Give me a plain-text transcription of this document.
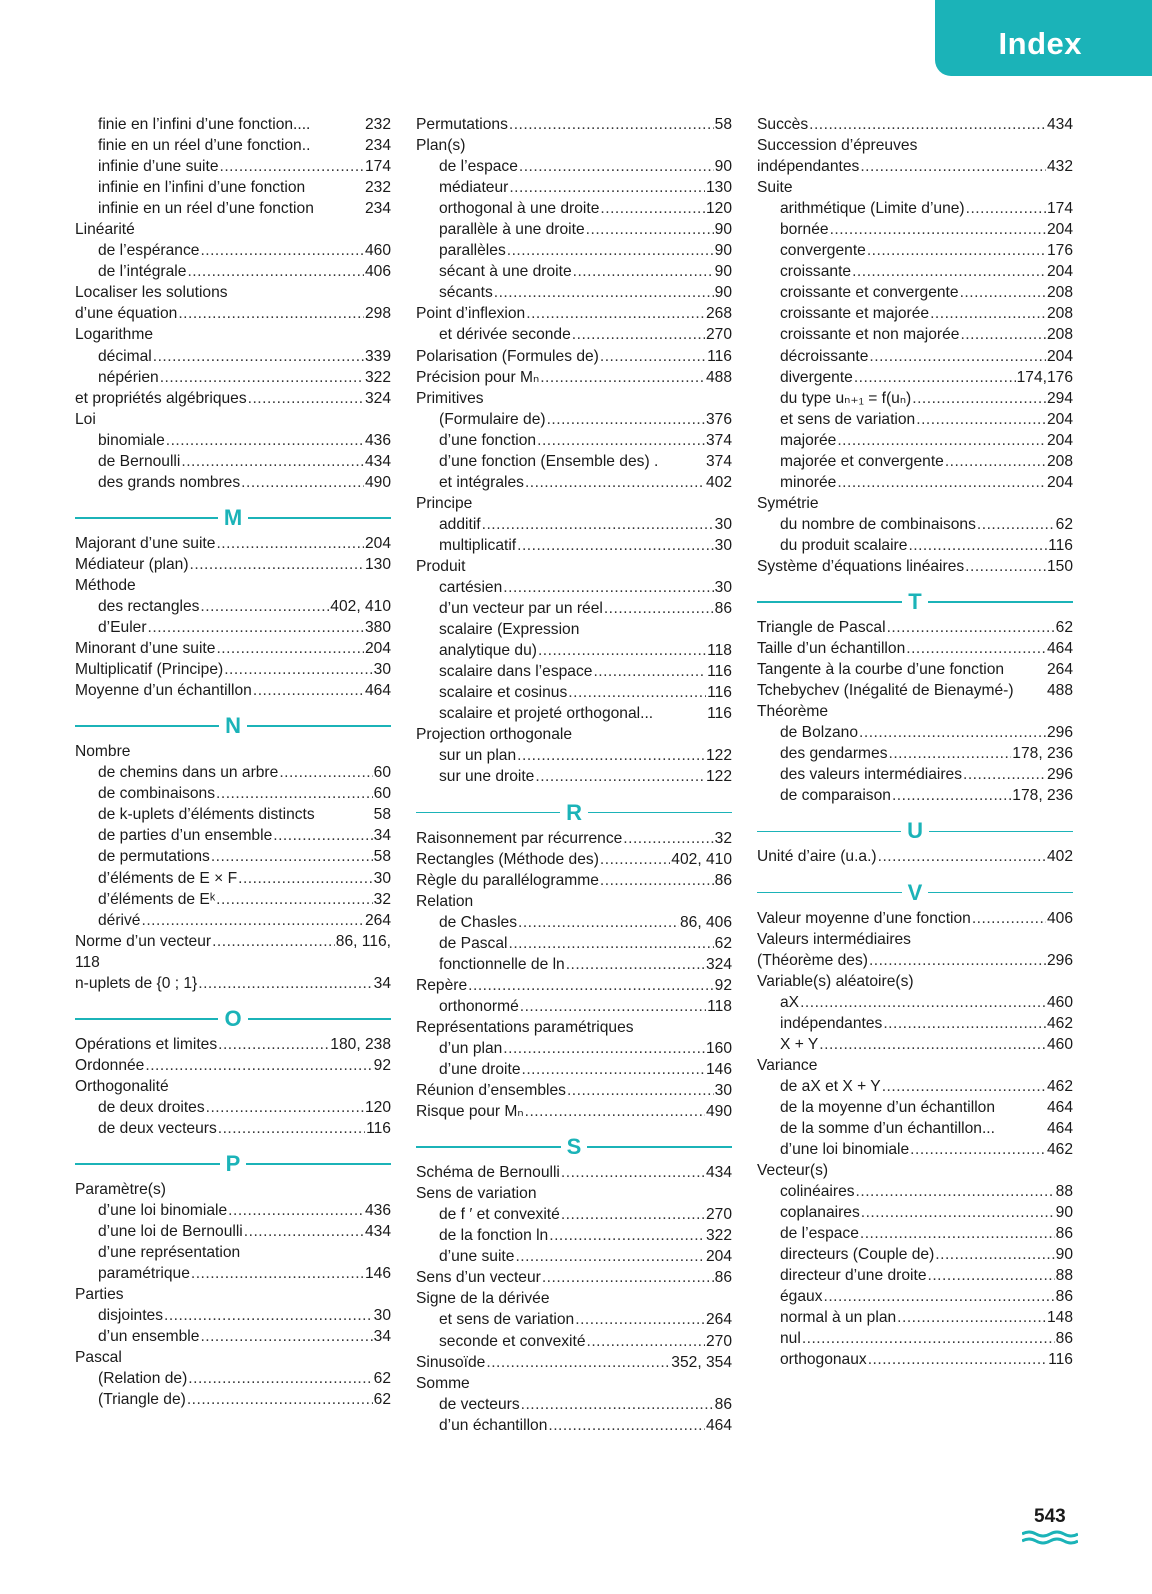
Index
finie en l’infini d’une fonction....	232
finie en un réel d’une fonction..	234
infinie d’une suite .....	174
infinie en l’infini d’une fonction	232
infinie en un réel d’une fonction	234
Linéarité
de l’espérance .....	460
de l’intégrale .....	406
Localiser les solutions
d’une équation .....	298
Logarithme
décimal .....	339
népérien .....	322
et propriétés algébriques .....	324
Loi
binomiale .....	436
de Bernoulli .....	434
des grands nombres .....	490
M
Majorant d’une suite .....	204
Médiateur (plan) .....	130
Méthode
des rectangles .....	402, 410
d’Euler .....	380
Minorant d’une suite .....	204
Multiplicatif (Principe) .....	30
Moyenne d’un échantillon .....	464
N
Nombre
de chemins dans un arbre .....	60
de combinaisons .....	60
de k-uplets d’éléments distincts	58
de parties d’un ensemble .....	34
de permutations .....	58
d’éléments de E × F .....	30
d’éléments de Eᵏ .....	32
dérivé .....	264
Norme d’un vecteur .....	86, 116,
118
n-uplets de {0 ; 1} .....	34
O
Opérations et limites .....	180, 238
Ordonnée .....	92
Orthogonalité
de deux droites .....	120
de deux vecteurs .....	116
P
Paramètre(s)
d’une loi binomiale .....	436
d’une loi de Bernoulli .....	434
d’une représentation
paramétrique .....	146
Parties
disjointes .....	30
d’un ensemble .....	34
Pascal
(Relation de) .....	62
(Triangle de) .....	62
Permutations .....	58
Plan(s)
de l’espace .....	90
médiateur .....	130
orthogonal à une droite .....	120
parallèle à une droite .....	90
parallèles .....	90
sécant à une droite .....	90
sécants .....	90
Point d’inflexion .....	268
et dérivée seconde .....	270
Polarisation (Formules de) .....	116
Précision pour Mₙ .....	488
Primitives
(Formulaire de) .....	376
d’une fonction .....	374
d’une fonction (Ensemble des) .	374
et intégrales .....	402
Principe
additif .....	30
multiplicatif .....	30
Produit
cartésien .....	30
d’un vecteur par un réel .....	86
scalaire (Expression
analytique du) .....	118
scalaire dans l’espace .....	116
scalaire et cosinus .....	116
scalaire et projeté orthogonal...	116
Projection orthogonale
sur un plan .....	122
sur une droite .....	122
R
Raisonnement par récurrence .....	32
Rectangles (Méthode des) .....	402, 410
Règle du parallélogramme .....	86
Relation
de Chasles .....	86, 406
de Pascal .....	62
fonctionnelle de ln .....	324
Repère .....	92
orthonormé .....	118
Représentations paramétriques
d’un plan .....	160
d’une droite .....	146
Réunion d’ensembles .....	30
Risque pour Mₙ .....	490
S
Schéma de Bernoulli .....	434
Sens de variation
de f ′ et convexité .....	270
de la fonction ln .....	322
d’une suite .....	204
Sens d’un vecteur .....	86
Signe de la dérivée
et sens de variation .....	264
seconde et convexité .....	270
Sinusoïde .....	352, 354
Somme
de vecteurs .....	86
d’un échantillon .....	464
Succès .....	434
Succession d’épreuves
indépendantes .....	432
Suite
arithmétique (Limite d’une) .....	174
bornée .....	204
convergente .....	176
croissante .....	204
croissante et convergente .....	208
croissante et majorée .....	208
croissante et non majorée .....	208
décroissante .....	204
divergente .....	174,176
du type uₙ₊₁ = f(uₙ) .....	294
et sens de variation .....	204
majorée .....	204
majorée et convergente .....	208
minorée .....	204
Symétrie
du nombre de combinaisons .....	62
du produit scalaire .....	116
Système d’équations linéaires .....	150
T
Triangle de Pascal .....	62
Taille d’un échantillon .....	464
Tangente à la courbe d’une fonction	264
Tchebychev (Inégalité de Bienaymé-) 488
Théorème
de Bolzano .....	296
des gendarmes .....	178, 236
des valeurs intermédiaires .....	296
de comparaison .....	178, 236
U
Unité d’aire (u.a.) .....	402
V
Valeur moyenne d’une fonction .....	406
Valeurs intermédiaires
(Théorème des) .....	296
Variable(s) aléatoire(s)
aX .....	460
indépendantes .....	462
X + Y .....	460
Variance
de aX et X + Y .....	462
de la moyenne d’un échantillon	464
de la somme d’un échantillon...	464
d’une loi binomiale .....	462
Vecteur(s)
colinéaires .....	88
coplanaires .....	90
de l’espace .....	86
directeurs (Couple de) .....	90
directeur d’une droite .....	88
égaux .....	86
normal à un plan .....	148
nul .....	86
orthogonaux .....	116
543
